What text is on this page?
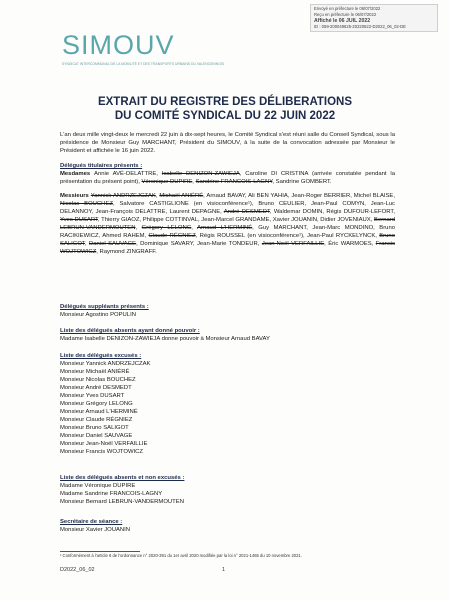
Envoyé en préfecture le 06/07/2022
Reçu en préfecture le 06/07/2022
Affiché le 06 JUIL 2022
ID : 059-200049625-20220622-D2022_06_02-DE
SIMOUV
SYNDICAT INTERCOMMUNAL DE LA MOBILITÉ ET DES TRANSPORTS URBAINS DU VALENCIENNOIS
EXTRAIT DU REGISTRE DES DÉLIBERATIONS
DU COMITÉ SYNDICAL DU 22 JUIN 2022
L'an deux mille vingt-deux le mercredi 22 juin à dix-sept heures, le Comité Syndical s'est réuni salle du Conseil Syndical, sous la présidence de Monsieur Guy MARCHANT, Président du SIMOUV, à la suite de la convocation adressée par Monsieur le Président et affichée le 16 juin 2022.
Délégués titulaires présents :
Mesdames Annie AVÉ-DELATTRE, Isabelle DENIZON-ZAWIEJA, Caroline DI CRISTINA (arrivée constatée pendant la présentation du présent point), Véronique DUPIRE, Sandrine FRANCOIS-LAGNY, Sandrine GOMBERT.
Messieurs Yannick ANDRZEJCZAK, Michaël ANIÉRÉ, Arnaud BAVAY, Ali BEN YAHIA, Jean-Roger BERRIER, Michel BLAISE, Nicolas BOUCHEZ, Salvatore CASTIGLIONE (en visioconférence¹), Bruno CEULIER, Jean-Paul COMYN, Jean-Luc DELANNOY, Jean-François DELATTRE, Laurent DEPAGNE, André DESMEDT, Waldemar DOMIN, Régis DUFOUR-LEFORT, Yves DUSART, Thierry GIAOZ, Philippe COTTINVAL, Jean-Marcel GRANDAME, Xavier JOUANIN, Didier JOVENIAUX, Bernard LEBRUN-VANDERMOUTEN, Grégory LELONG, Arnaud L'HERMINÉ, Guy MARCHANT, Jean-Marc MONDINO, Bruno RACIKIEWICZ, Ahmed RAHEM, Claude RÉGNIEZ, Régis ROUSSEL (en visioconférence¹), Jean-Paul RYCKELYNCK, Bruno SALIGOT, Daniel SAUVAGE, Dominique SAVARY, Jean-Marie TONDEUR, Jean-Noël VERFAILLIE, Éric WARMOES, Francis WOJTOWICZ, Raymond ZINGRAFF.
Délégués suppléants présents :
Monsieur Agostino POPULIN
Liste des délégués absents ayant donné pouvoir :
Madame Isabelle DENIZON-ZAWIEJA donne pouvoir à Monsieur Arnaud BAVAY
Liste des délégués excusés :
Monsieur Yannick ANDRZEJCZAK
Monsieur Michaël ANIÉRÉ
Monsieur Nicolas BOUCHEZ
Monsieur André DESMEDT
Monsieur Yves DUSART
Monsieur Grégory LELONG
Monsieur Arnaud L'HERMINÉ
Monsieur Claude RÉGNIEZ
Monsieur Bruno SALIGOT
Monsieur Daniel SAUVAGE
Monsieur Jean-Noël VERFAILLIE
Monsieur Francis WOJTOWICZ
Liste des délégués absents et non excusés :
Madame Véronique DUPIRE
Madame Sandrine FRANCOIS-LAGNY
Monsieur Bernard LEBRUN-VANDERMOUTEN
Secrétaire de séance :
Monsieur Xavier JOUANIN
¹ Conformément à l'article 6 de l'ordonnance n° 2020-391 du 1er avril 2020 modifiée par la loi n° 2021-1465 du 10 novembre 2021.
D2022_06_02	1
